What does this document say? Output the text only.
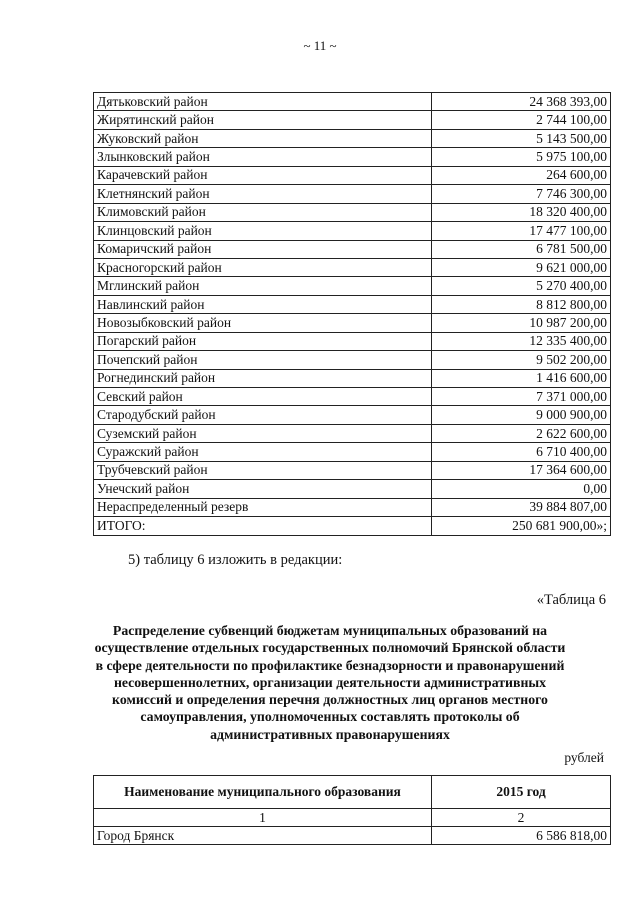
~ 11 ~
Дятьковский район	24 368 393,00
Жирятинский район	2 744 100,00
Жуковский район	5 143 500,00
Злынковский район	5 975 100,00
Карачевский район	264 600,00
Клетнянский район	7 746 300,00
Климовский район	18 320 400,00
Клинцовский район	17 477 100,00
Комаричский район	6 781 500,00
Красногорский район	9 621 000,00
Мглинский район	5 270 400,00
Навлинский район	8 812 800,00
Новозыбковский район	10 987 200,00
Погарский район	12 335 400,00
Почепский район	9 502 200,00
Рогнединский район	1 416 600,00
Севский район	7 371 000,00
Стародубский район	9 000 900,00
Суземский район	2 622 600,00
Суражский район	6 710 400,00
Трубчевский район	17 364 600,00
Унечский район	0,00
Нераспределенный резерв	39 884 807,00
ИТОГО:	250 681 900,00»;
5) таблицу 6 изложить в редакции:
«Таблица 6
Распределение субвенций бюджетам муниципальных образований на
осуществление отдельных государственных полномочий Брянской области
в сфере деятельности по профилактике безнадзорности и правонарушений
несовершеннолетних, организации деятельности административных
комиссий и определения перечня должностных лиц органов местного
самоуправления, уполномоченных составлять протоколы об
административных правонарушениях
рублей
Наименование муниципального образования	2015 год
1	2
Город Брянск	6 586 818,00
